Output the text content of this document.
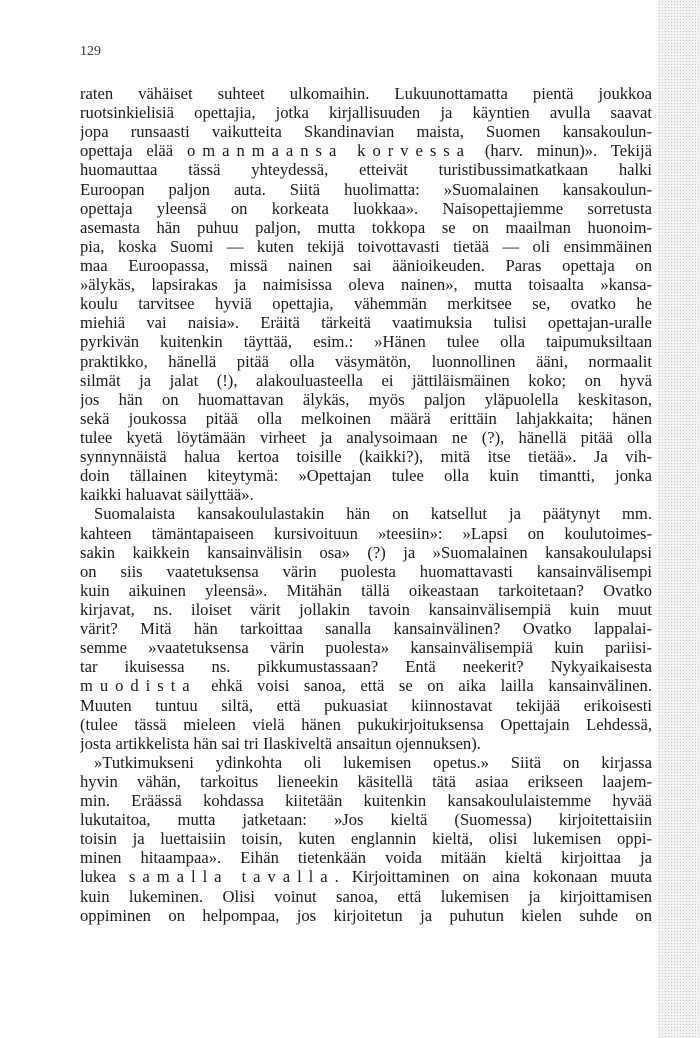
129
raten vähäiset suhteet ulkomaihin. Lukuunottamatta pientä joukkoa
ruotsinkielisiä opettajia, jotka kirjallisuuden ja käyntien avulla saavat
jopa runsaasti vaikutteita Skandinavian maista, Suomen kansakoulun-
opettaja elää omanmaansa korvessa (harv. minun)». Tekijä
huomauttaa tässä yhteydessä, etteivät turistibussimatkatkaan halki
Euroopan paljon auta. Siitä huolimatta: »Suomalainen kansakoulun-
opettaja yleensä on korkeata luokkaa». Naisopettajiemme sorretusta
asemasta hän puhuu paljon, mutta tokkopa se on maailman huonoim-
pia, koska Suomi — kuten tekijä toivottavasti tietää — oli ensimmäinen
maa Euroopassa, missä nainen sai äänioikeuden. Paras opettaja on
»älykäs, lapsirakas ja naimisissa oleva nainen», mutta toisaalta »kansa-
koulu tarvitsee hyviä opettajia, vähemmän merkitsee se, ovatko he
miehiä vai naisia». Eräitä tärkeitä vaatimuksia tulisi opettajan-uralle
pyrkivän kuitenkin täyttää, esim.: »Hänen tulee olla taipumuksiltaan
praktikko, hänellä pitää olla väsymätön, luonnollinen ääni, normaalit
silmät ja jalat (!), alakouluasteella ei jättiläismäinen koko; on hyvä
jos hän on huomattavan älykäs, myös paljon yläpuolella keskitason,
sekä joukossa pitää olla melkoinen määrä erittäin lahjakkaita; hänen
tulee kyetä löytämään virheet ja analysoimaan ne (?), hänellä pitää olla
synnynnäistä halua kertoa toisille (kaikki?), mitä itse tietää». Ja vih-
doin tällainen kiteytymä: »Opettajan tulee olla kuin timantti, jonka
kaikki haluavat säilyttää».
Suomalaista kansakoululastakin hän on katsellut ja päätynyt mm.
kahteen tämäntapaiseen kursivoituun »teesiin»: »Lapsi on koulutoimes-
sakin kaikkein kansainvälisin osa» (?) ja »Suomalainen kansakoululapsi
on siis vaatetuksensa värin puolesta huomattavasti kansainvälisempi
kuin aikuinen yleensä». Mitähän tällä oikeastaan tarkoitetaan? Ovatko
kirjavat, ns. iloiset värit jollakin tavoin kansainvälisempiä kuin muut
värit? Mitä hän tarkoittaa sanalla kansainvälinen? Ovatko lappalai-
semme »vaatetuksensa värin puolesta» kansainvälisempiä kuin pariisi-
tar ikuisessa ns. pikkumustassaan? Entä neekerit? Nykyaikaisesta
muodista ehkä voisi sanoa, että se on aika lailla kansainvälinen.
Muuten tuntuu siltä, että pukuasiat kiinnostavat tekijää erikoisesti
(tulee tässä mieleen vielä hänen pukukirjoituksensa Opettajain Lehdessä,
josta artikkelista hän sai tri Ilaskiveltä ansaitun ojennuksen).
»Tutkimukseni ydinkohta oli lukemisen opetus.» Siitä on kirjassa
hyvin vähän, tarkoitus lieneekin käsitellä tätä asiaa erikseen laajem-
min. Eräässä kohdassa kiitetään kuitenkin kansakoululaistemme hyvää
lukutaitoa, mutta jatketaan: »Jos kieltä (Suomessa) kirjoitettaisiin
toisin ja luettaisiin toisin, kuten englannin kieltä, olisi lukemisen oppi-
minen hitaampaa». Eihän tietenkään voida mitään kieltä kirjoittaa ja
lukea samalla tavalla. Kirjoittaminen on aina kokonaan muuta
kuin lukeminen. Olisi voinut sanoa, että lukemisen ja kirjoittamisen
oppiminen on helpompaa, jos kirjoitetun ja puhutun kielen suhde on
